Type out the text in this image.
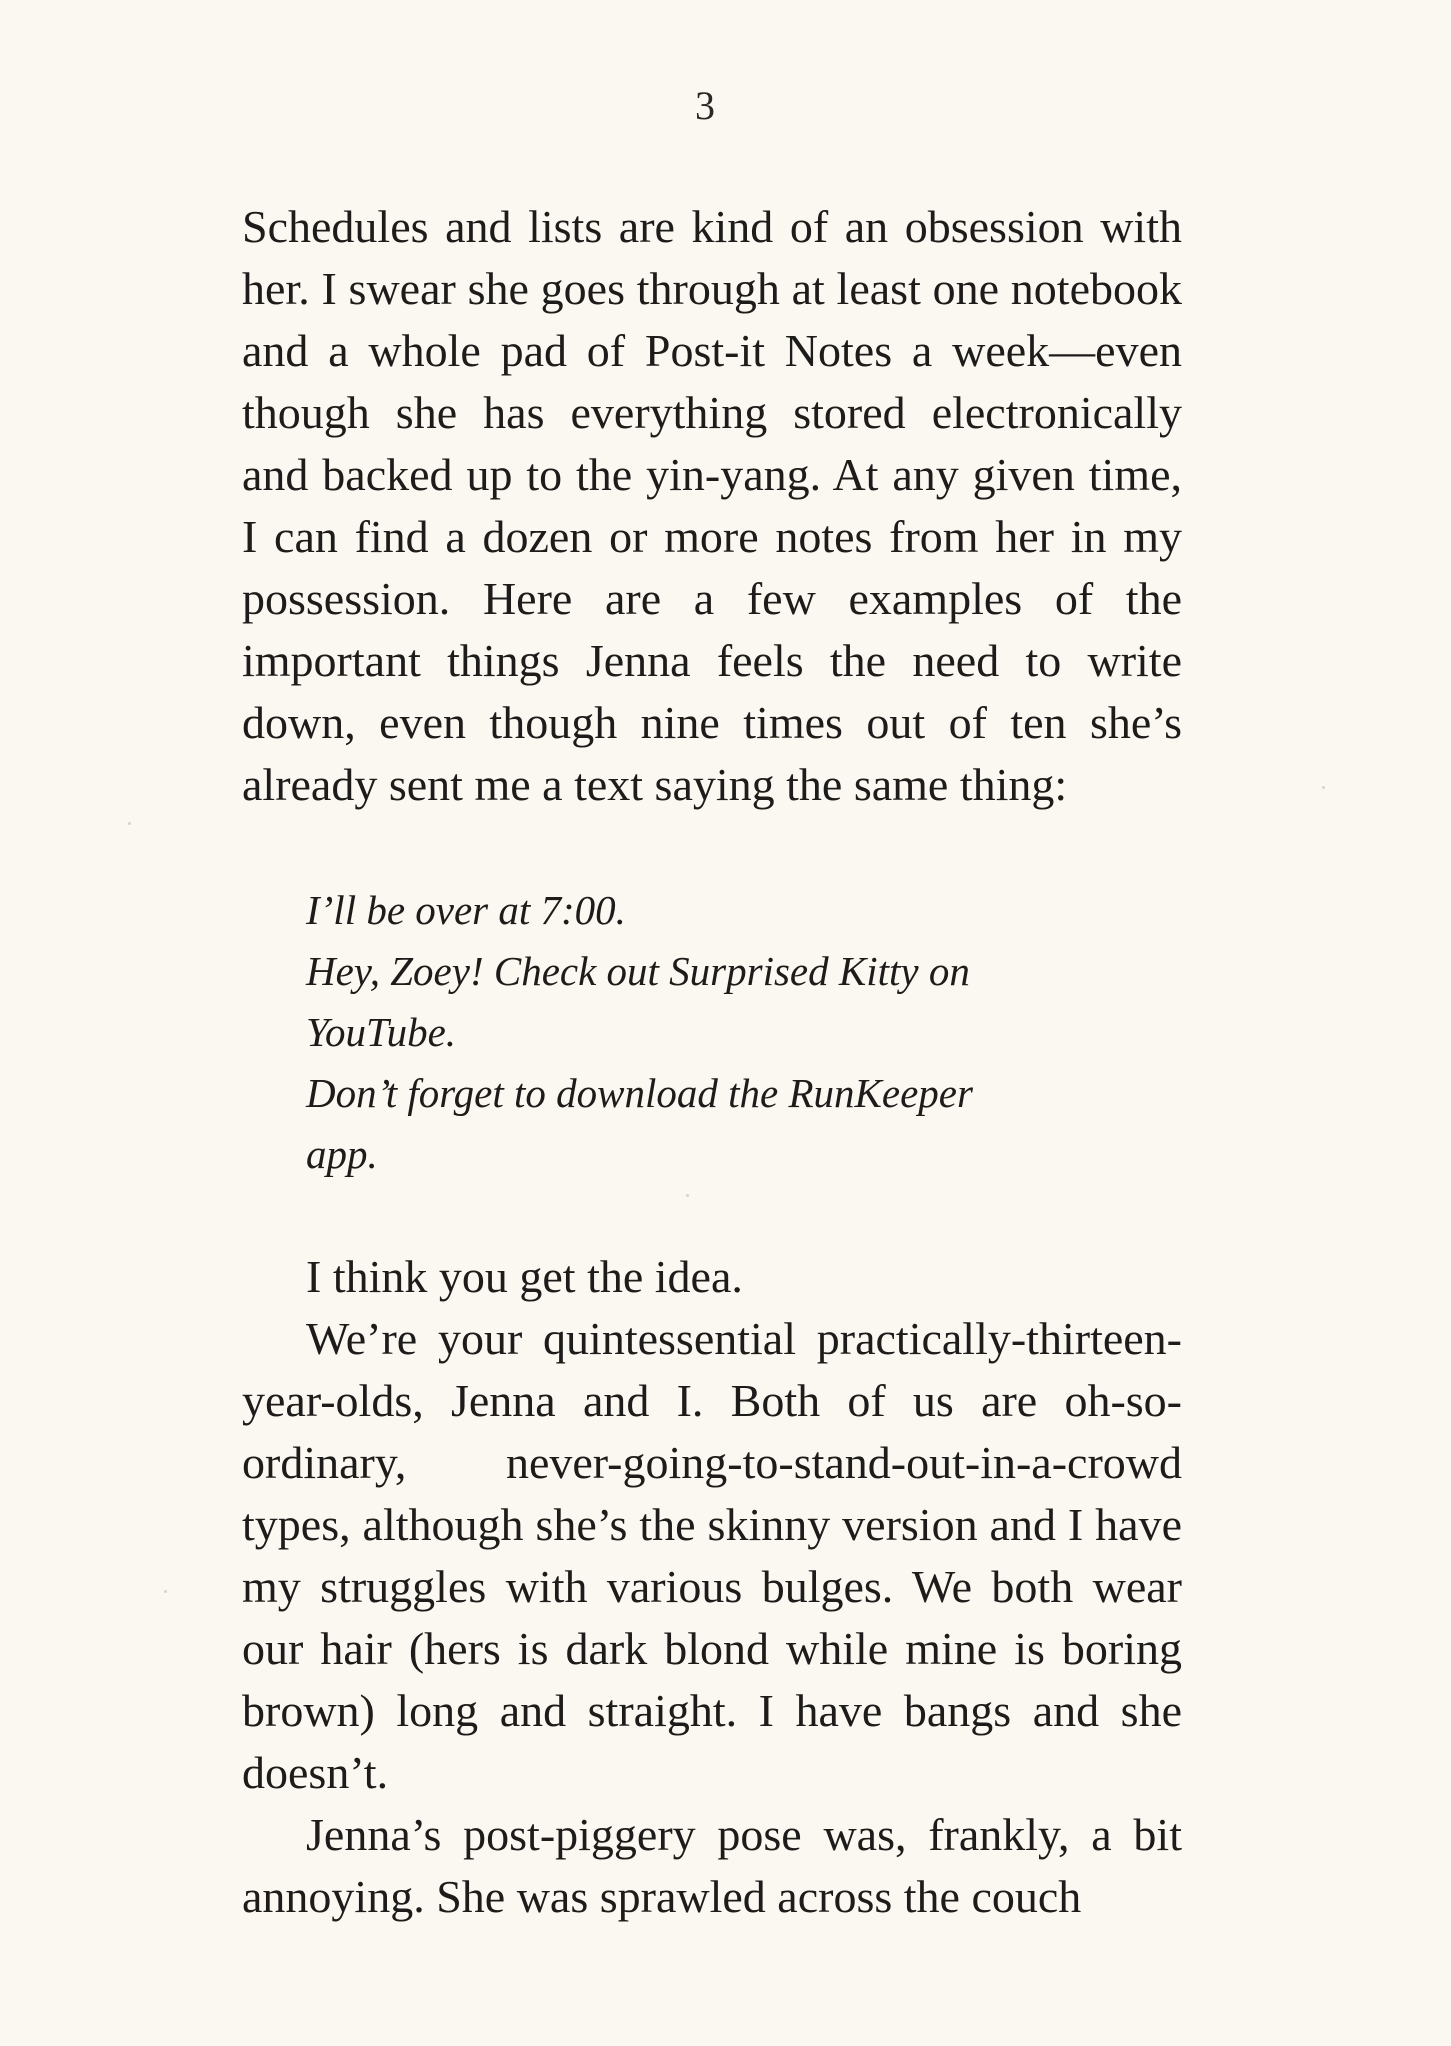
3
Schedules and lists are kind of an obsession with her. I swear she goes through at least one notebook and a whole pad of Post-it Notes a week—even though she has everything stored electronically and backed up to the yin-yang. At any given time, I can find a dozen or more notes from her in my possession. Here are a few examples of the important things Jenna feels the need to write down, even though nine times out of ten she’s already sent me a text saying the same thing:

I’ll be over at 7:00.

Hey, Zoey! Check out Surprised Kitty on YouTube.

Don’t forget to download the RunKeeper app.

I think you get the idea.

We’re your quintessential practically-thirteen-year-olds, Jenna and I. Both of us are oh-so-ordinary, never-going-to-stand-out-in-a-crowd types, although she’s the skinny version and I have my struggles with various bulges. We both wear our hair (hers is dark blond while mine is boring brown) long and straight. I have bangs and she doesn’t.

Jenna’s post-piggery pose was, frankly, a bit annoying. She was sprawled across the couch
